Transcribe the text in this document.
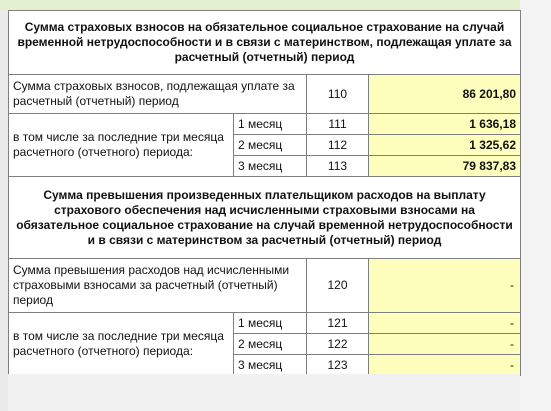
Сумма страховых взносов на обязательное социальное страхование на случай временной нетрудоспособности и в связи с материнством, подлежащая уплате за расчетный (отчетный) период			
Сумма страховых взносов, подлежащая уплате за расчетный (отчетный) период		110	86 201,80
в том числе за последние три месяца расчетного (отчетного) периода:	1 месяц	111	1 636,18
	2 месяц	112	1 325,62
	3 месяц	113	79 837,83
Сумма превышения произведенных плательщиком расходов на выплату страхового обеспечения над исчисленными страховыми взносами на обязательное социальное страхование на случай временной нетрудоспособности и в связи с материнством за расчетный (отчетный) период			
Сумма превышения расходов над исчисленными страховыми взносами за расчетный (отчетный) период		120	-
в том числе за последние три месяца расчетного (отчетного) периода:	1 месяц	121	-
	2 месяц	122	-
	3 месяц	123	-
